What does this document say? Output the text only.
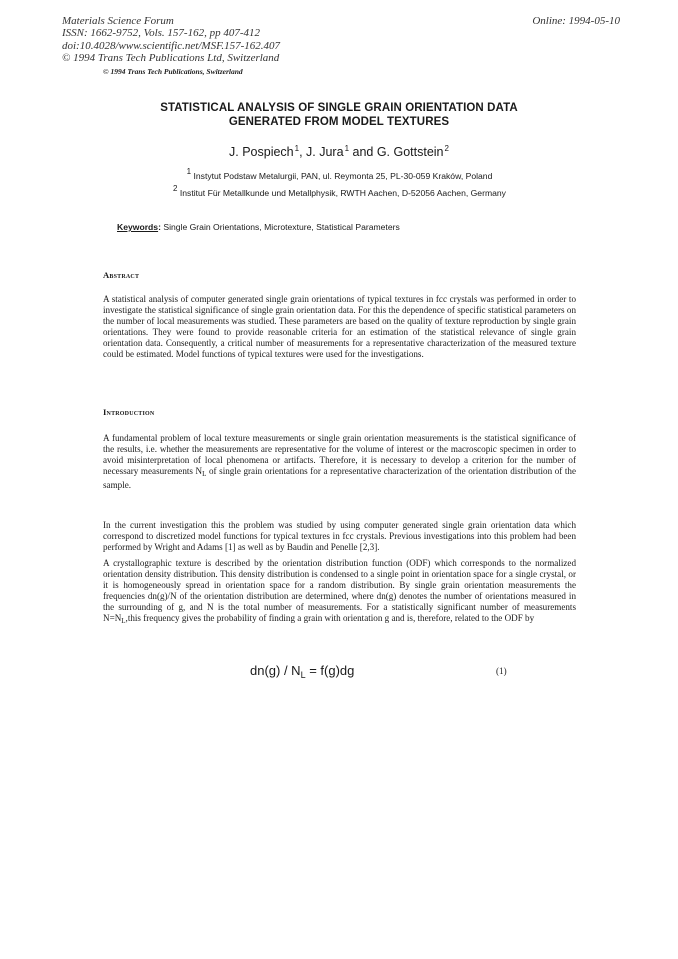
Materials Science Forum
ISSN: 1662-9752, Vols. 157-162, pp 407-412
doi:10.4028/www.scientific.net/MSF.157-162.407
© 1994 Trans Tech Publications Ltd, Switzerland
Online: 1994-05-10
© 1994 Trans Tech Publications, Switzerland
STATISTICAL ANALYSIS OF SINGLE GRAIN ORIENTATION DATA
GENERATED FROM MODEL TEXTURES
J. Pospiech$^1$, J. Jura$^1$ and G. Gottstein$^2$
$^1$ Instytut Podstaw Metalurgii, PAN, ul. Reymonta 25, PL-30-059 Kraków, Poland
$^2$ Institut Für Metallkunde und Metallphysik, RWTH Aachen, D-52056 Aachen, Germany
Keywords: Single Grain Orientations, Microtexture, Statistical Parameters
Abstract
A statistical analysis of computer generated single grain orientations of typical textures in fcc crystals was performed in order to investigate the statistical significance of single grain orientation data. For this the dependence of specific statistical parameters on the number of local measurements was studied. These parameters are based on the quality of texture reproduction by single grain orientations. They were found to provide reasonable criteria for an estimation of the statistical relevance of single grain orientation data. Consequently, a critical number of measurements for a representative characterization of the measured texture could be estimated. Model functions of typical textures were used for the investigations.
Introduction
A fundamental problem of local texture measurements or single grain orientation measurements is the statistical significance of the results, i.e. whether the measurements are representative for the volume of interest or the macroscopic specimen in order to avoid misinterpretation of local phenomena or artifacts. Therefore, it is necessary to develop a criterion for the number of necessary measurements $N_L$ of single grain orientations for a representative characterization of the orientation distribution of the sample.
In the current investigation this the problem was studied by using computer generated single grain orientation data which correspond to discretized model functions for typical textures in fcc crystals. Previous investigations into this problem had been performed by Wright and Adams [1] as well as by Baudin and Penelle [2,3].
A crystallographic texture is described by the orientation distribution function (ODF) which corresponds to the normalized orientation density distribution. This density distribution is condensed to a single point in orientation space for a single crystal, or it is homogeneously spread in orientation space for a random distribution. By single grain orientation measurements the frequencies dn(g)/N of the orientation distribution are determined, where dn(g) denotes the number of orientations measured in the surrounding of g, and N is the total number of measurements. For a statistically significant number of measurements $N=N_L,this$ frequency gives the probability of finding a grain with orientation g and is, therefore, related to the ODF by
$dn(g) / N_L = f(g)dg$	(1)
